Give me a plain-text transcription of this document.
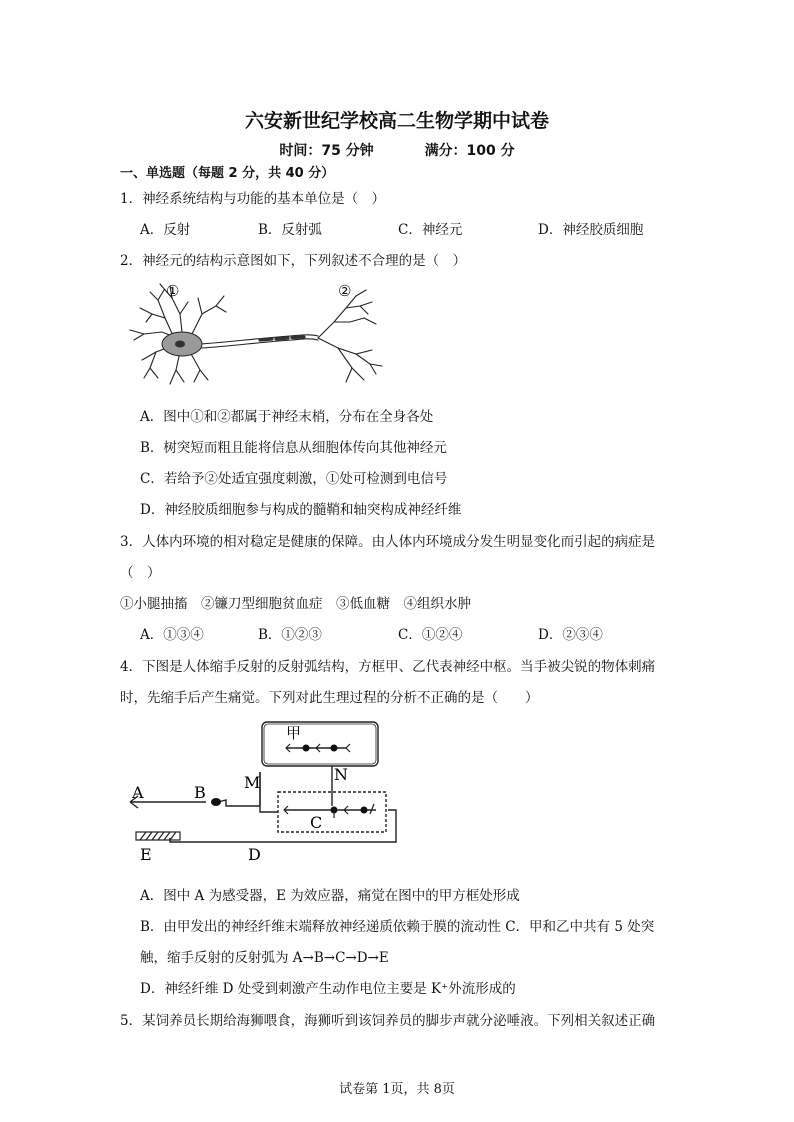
六安新世纪学校高二生物学期中试卷
时间：75 分钟	满分：100 分
一、单选题（每题 2 分，共 40 分）
1．神经系统结构与功能的基本单位是（　）
A．反射	B．反射弧	C．神经元	D．神经胶质细胞
2．神经元的结构示意图如下，下列叙述不合理的是（　）
①	②
A．图中①和②都属于神经末梢，分布在全身各处
B．树突短而粗且能将信息从细胞体传向其他神经元
C．若给予②处适宜强度刺激，①处可检测到电信号
D．神经胶质细胞参与构成的髓鞘和轴突构成神经纤维
3．人体内环境的相对稳定是健康的保障。由人体内环境成分发生明显变化而引起的病症是
（　）
①小腿抽搐　②镰刀型细胞贫血症　③低血糖　④组织水肿
A．①③④	B．①②③	C．①②④	D．②③④
4．下图是人体缩手反射的反射弧结构，方框甲、乙代表神经中枢。当手被尖锐的物体刺痛
时，先缩手后产生痛觉。下列对此生理过程的分析不正确的是（　　）
甲
A	B
M	N
C
D
E
A．图中 A 为感受器，E 为效应器，痛觉在图中的甲方框处形成
B．由甲发出的神经纤维末端释放神经递质依赖于膜的流动性 C．甲和乙中共有 5 处突
触，缩手反射的反射弧为 A→B→C→D→E
D．神经纤维 D 处受到刺激产生动作电位主要是 K⁺外流形成的
5．某饲养员长期给海狮喂食，海狮听到该饲养员的脚步声就分泌唾液。下列相关叙述正确
试卷第 1页，共 8页
